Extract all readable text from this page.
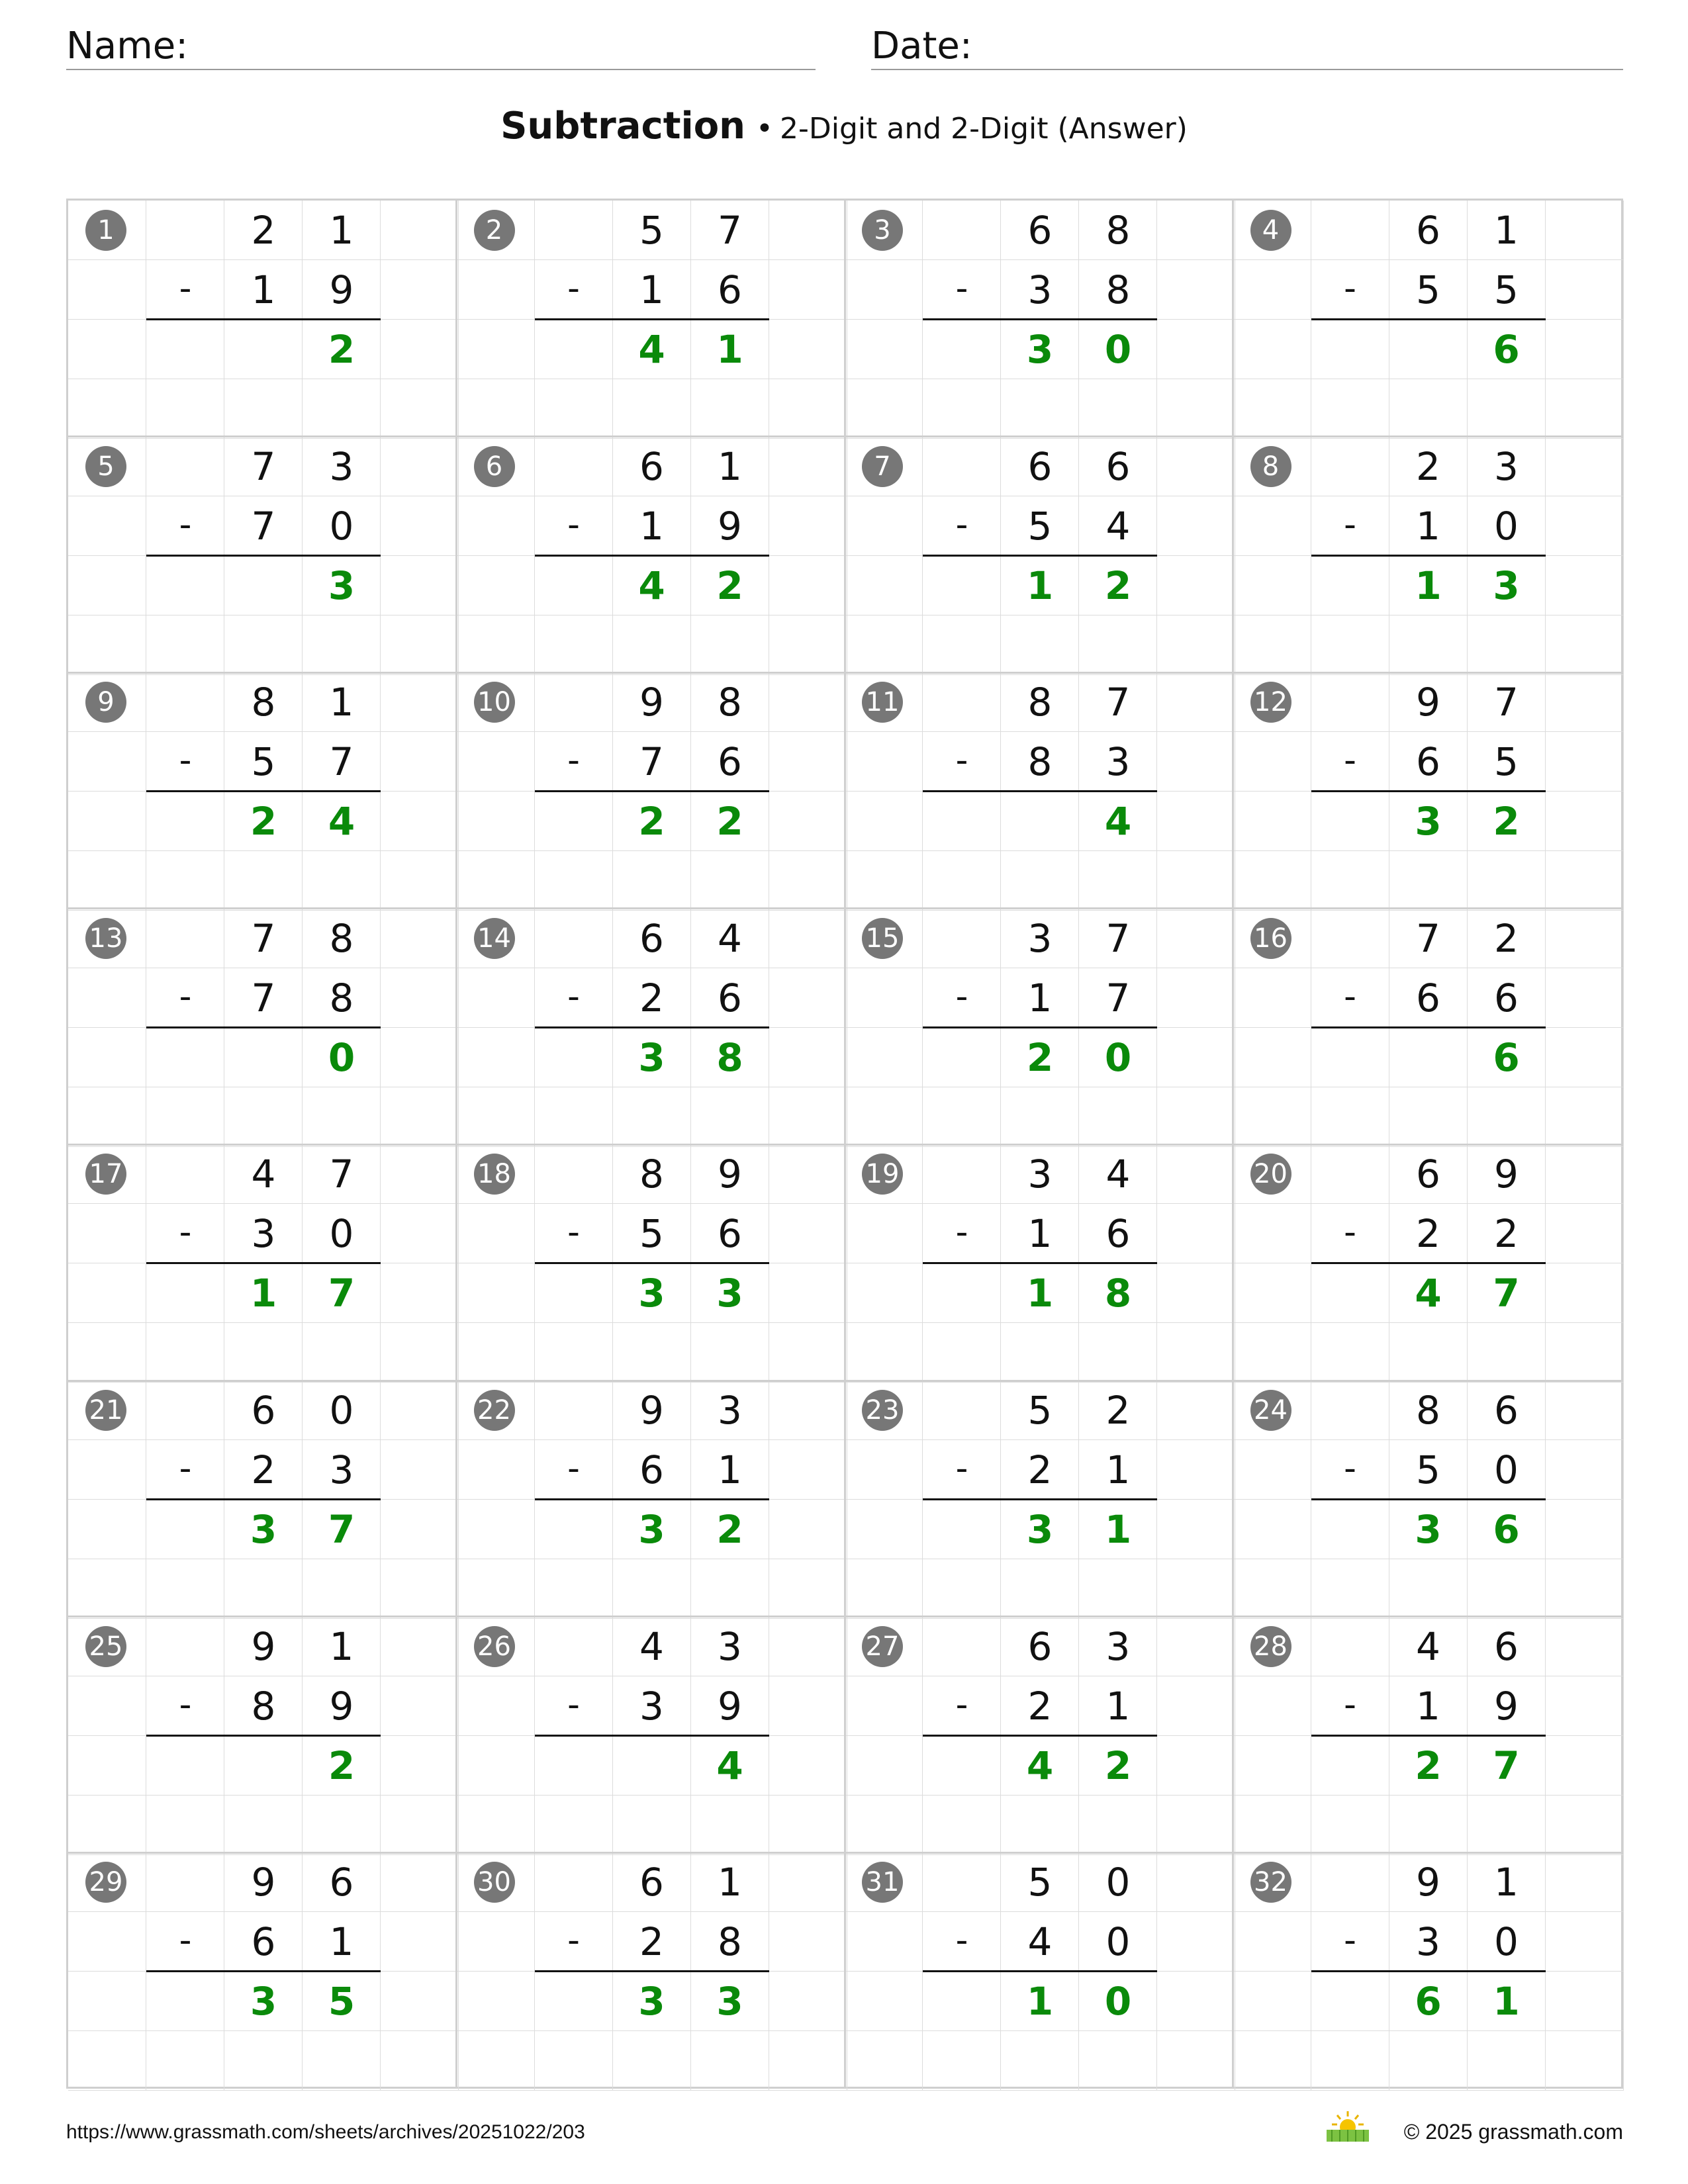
Name:	Date:
Subtraction • 2-Digit and 2-Digit (Answer)
1	2	1
-	1	9
2
2	5	7
-	1	6
4	1
3	6	8
-	3	8
3	0
4	6	1
-	5	5
6
5	7	3
-	7	0
3
6	6	1
-	1	9
4	2
7	6	6
-	5	4
1	2
8	2	3
-	1	0
1	3
9	8	1
-	5	7
2	4
10	9	8
-	7	6
2	2
11	8	7
-	8	3
4
12	9	7
-	6	5
3	2
13	7	8
-	7	8
0
14	6	4
-	2	6
3	8
15	3	7
-	1	7
2	0
16	7	2
-	6	6
6
17	4	7
-	3	0
1	7
18	8	9
-	5	6
3	3
19	3	4
-	1	6
1	8
20	6	9
-	2	2
4	7
21	6	0
-	2	3
3	7
22	9	3
-	6	1
3	2
23	5	2
-	2	1
3	1
24	8	6
-	5	0
3	6
25	9	1
-	8	9
2
26	4	3
-	3	9
4
27	6	3
-	2	1
4	2
28	4	6
-	1	9
2	7
29	9	6
-	6	1
3	5
30	6	1
-	2	8
3	3
31	5	0
-	4	0
1	0
32	9	1
-	3	0
6	1
https://www.grassmath.com/sheets/archives/20251022/203	© 2025 grassmath.com
